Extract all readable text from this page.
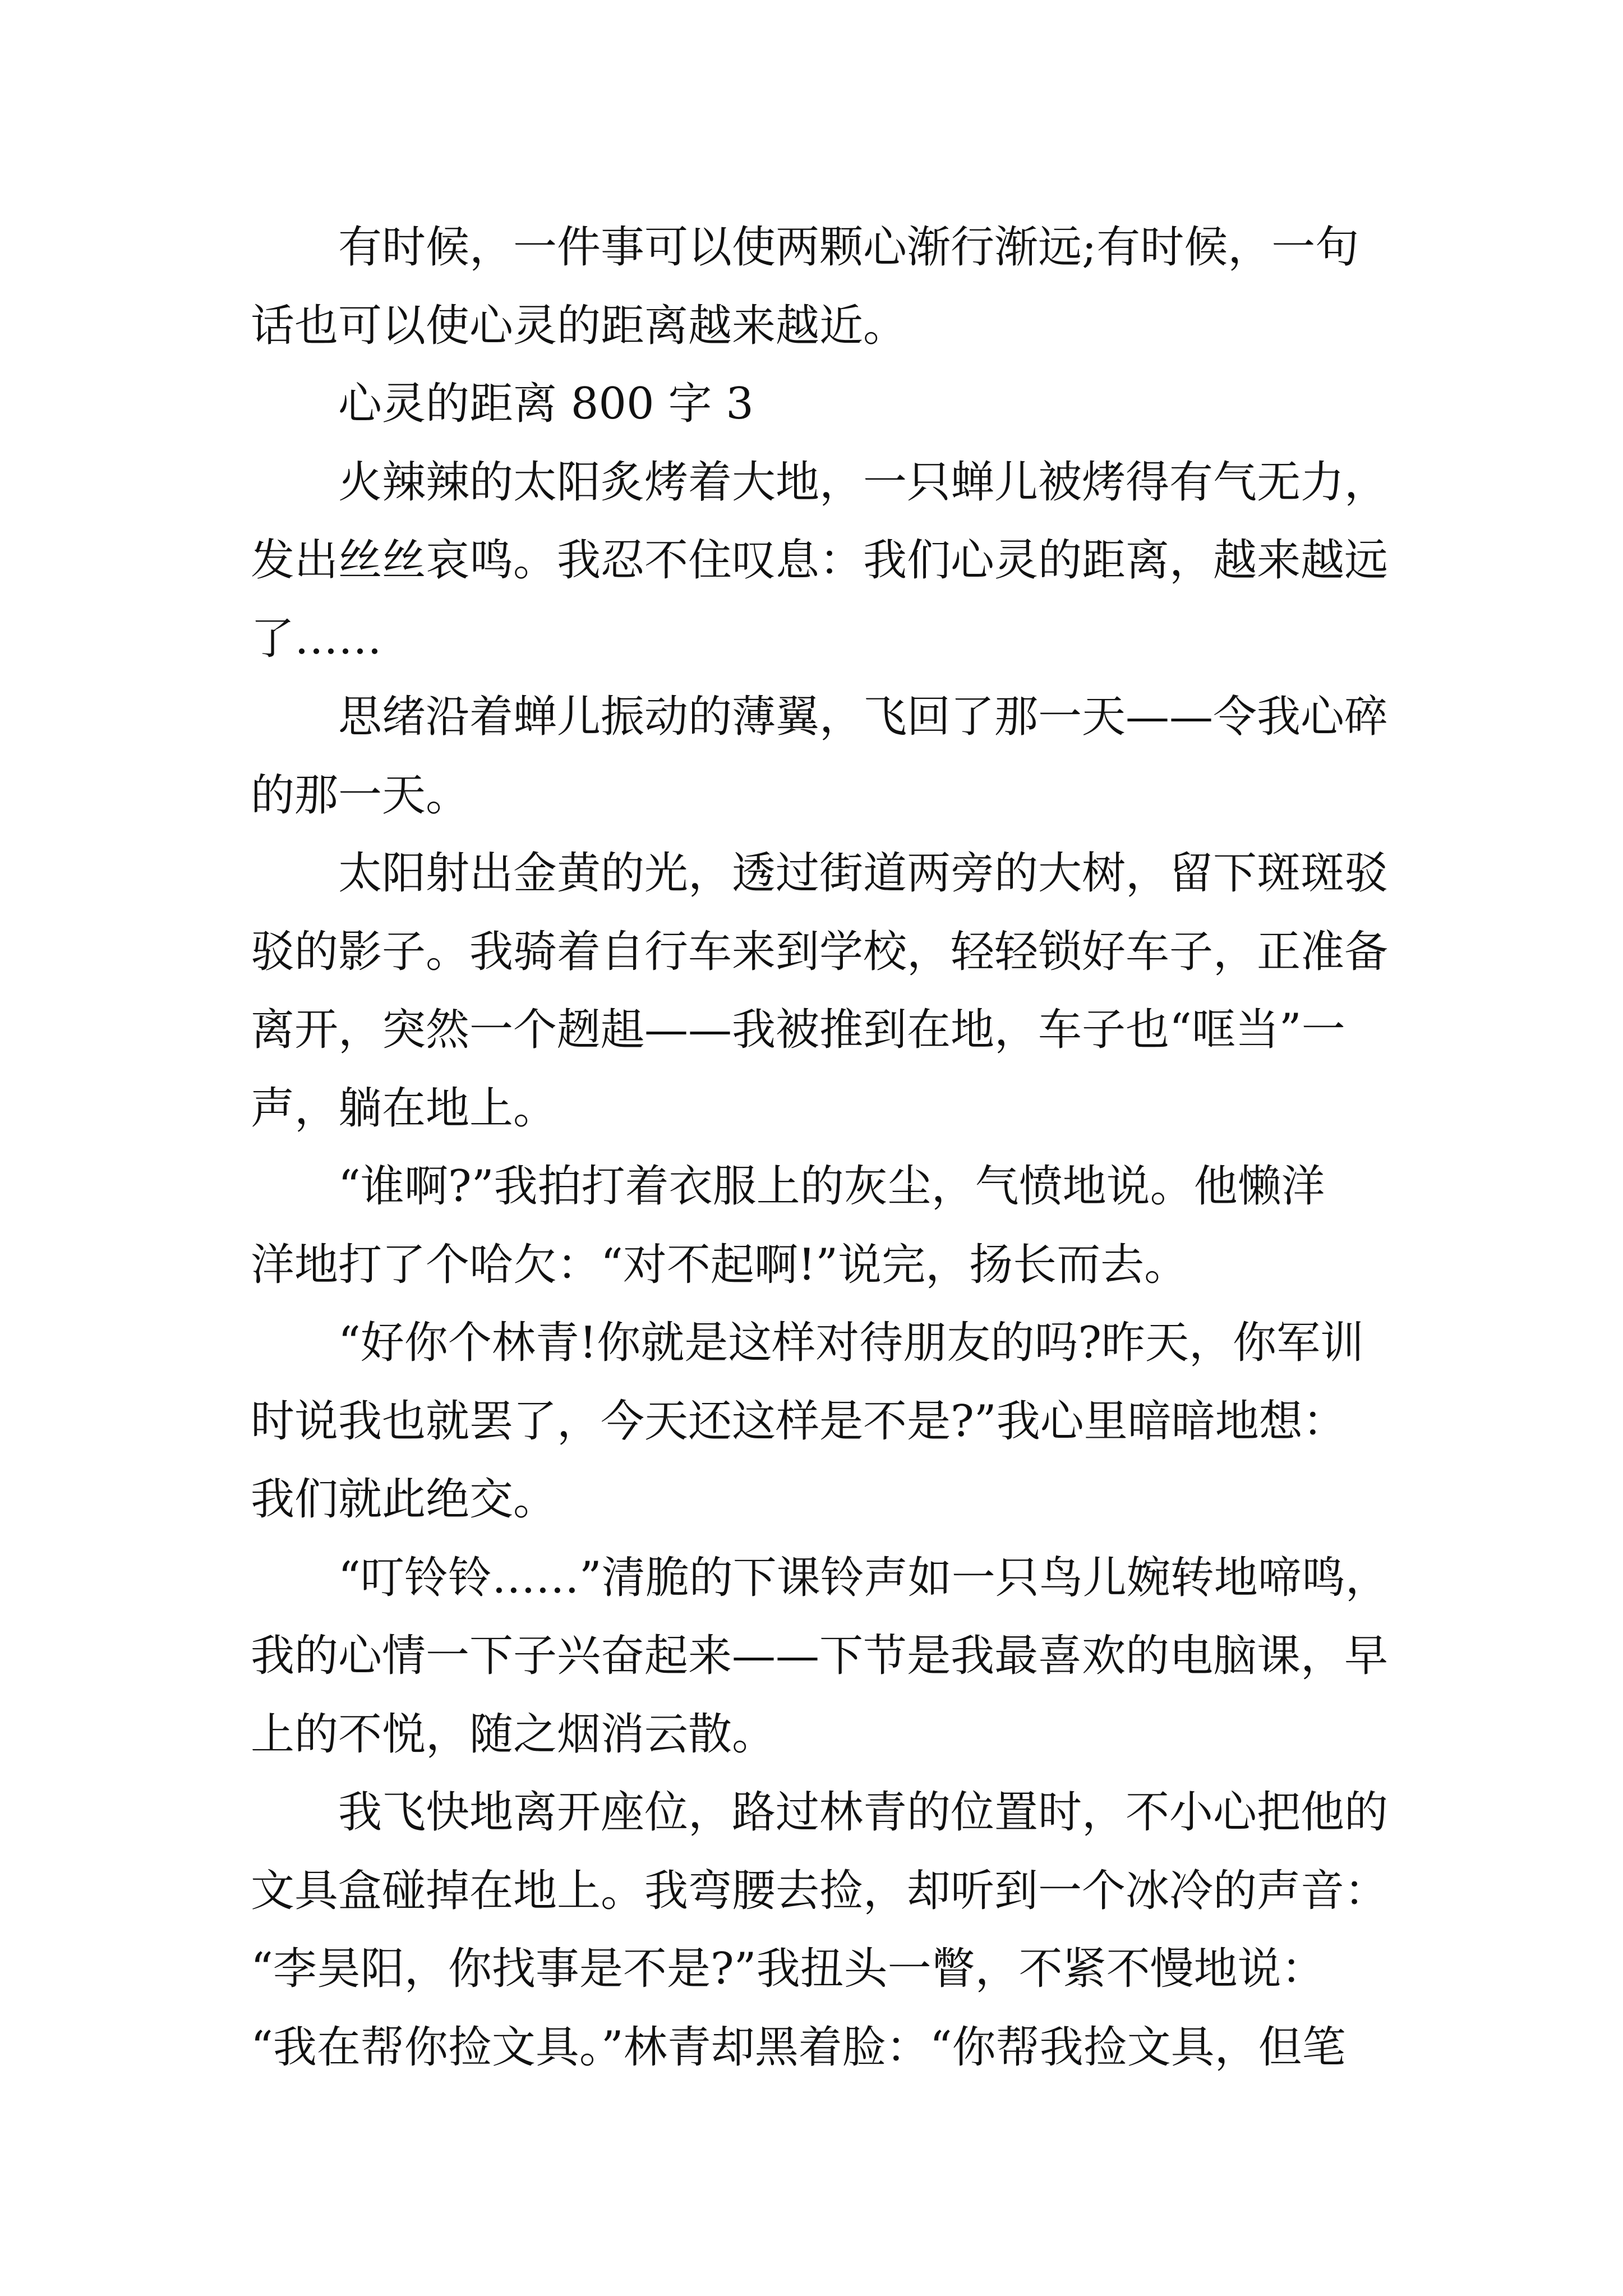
有时候，一件事可以使两颗心渐行渐远;有时候，一句
话也可以使心灵的距离越来越近。

心灵的距离 800 字 3

火辣辣的太阳炙烤着大地，一只蝉儿被烤得有气无力，
发出丝丝哀鸣。我忍不住叹息：我们心灵的距离，越来越远
了……

思绪沿着蝉儿振动的薄翼，飞回了那一天——令我心碎
的那一天。

太阳射出金黄的光，透过街道两旁的大树，留下斑斑驳
驳的影子。我骑着自行车来到学校，轻轻锁好车子，正准备
离开，突然一个趔趄——我被推到在地，车子也“哐当”一
声，躺在地上。

“谁啊?”我拍打着衣服上的灰尘，气愤地说。他懒洋
洋地打了个哈欠：“对不起啊!”说完，扬长而去。

“好你个林青!你就是这样对待朋友的吗?昨天，你军训
时说我也就罢了，今天还这样是不是?”我心里暗暗地想：
我们就此绝交。

“叮铃铃……”清脆的下课铃声如一只鸟儿婉转地啼鸣，
我的心情一下子兴奋起来——下节是我最喜欢的电脑课，早
上的不悦，随之烟消云散。

我飞快地离开座位，路过林青的位置时，不小心把他的
文具盒碰掉在地上。我弯腰去捡，却听到一个冰冷的声音：
“李昊阳，你找事是不是?”我扭头一瞥，不紧不慢地说：
“我在帮你捡文具。”林青却黑着脸：“你帮我捡文具，但笔
